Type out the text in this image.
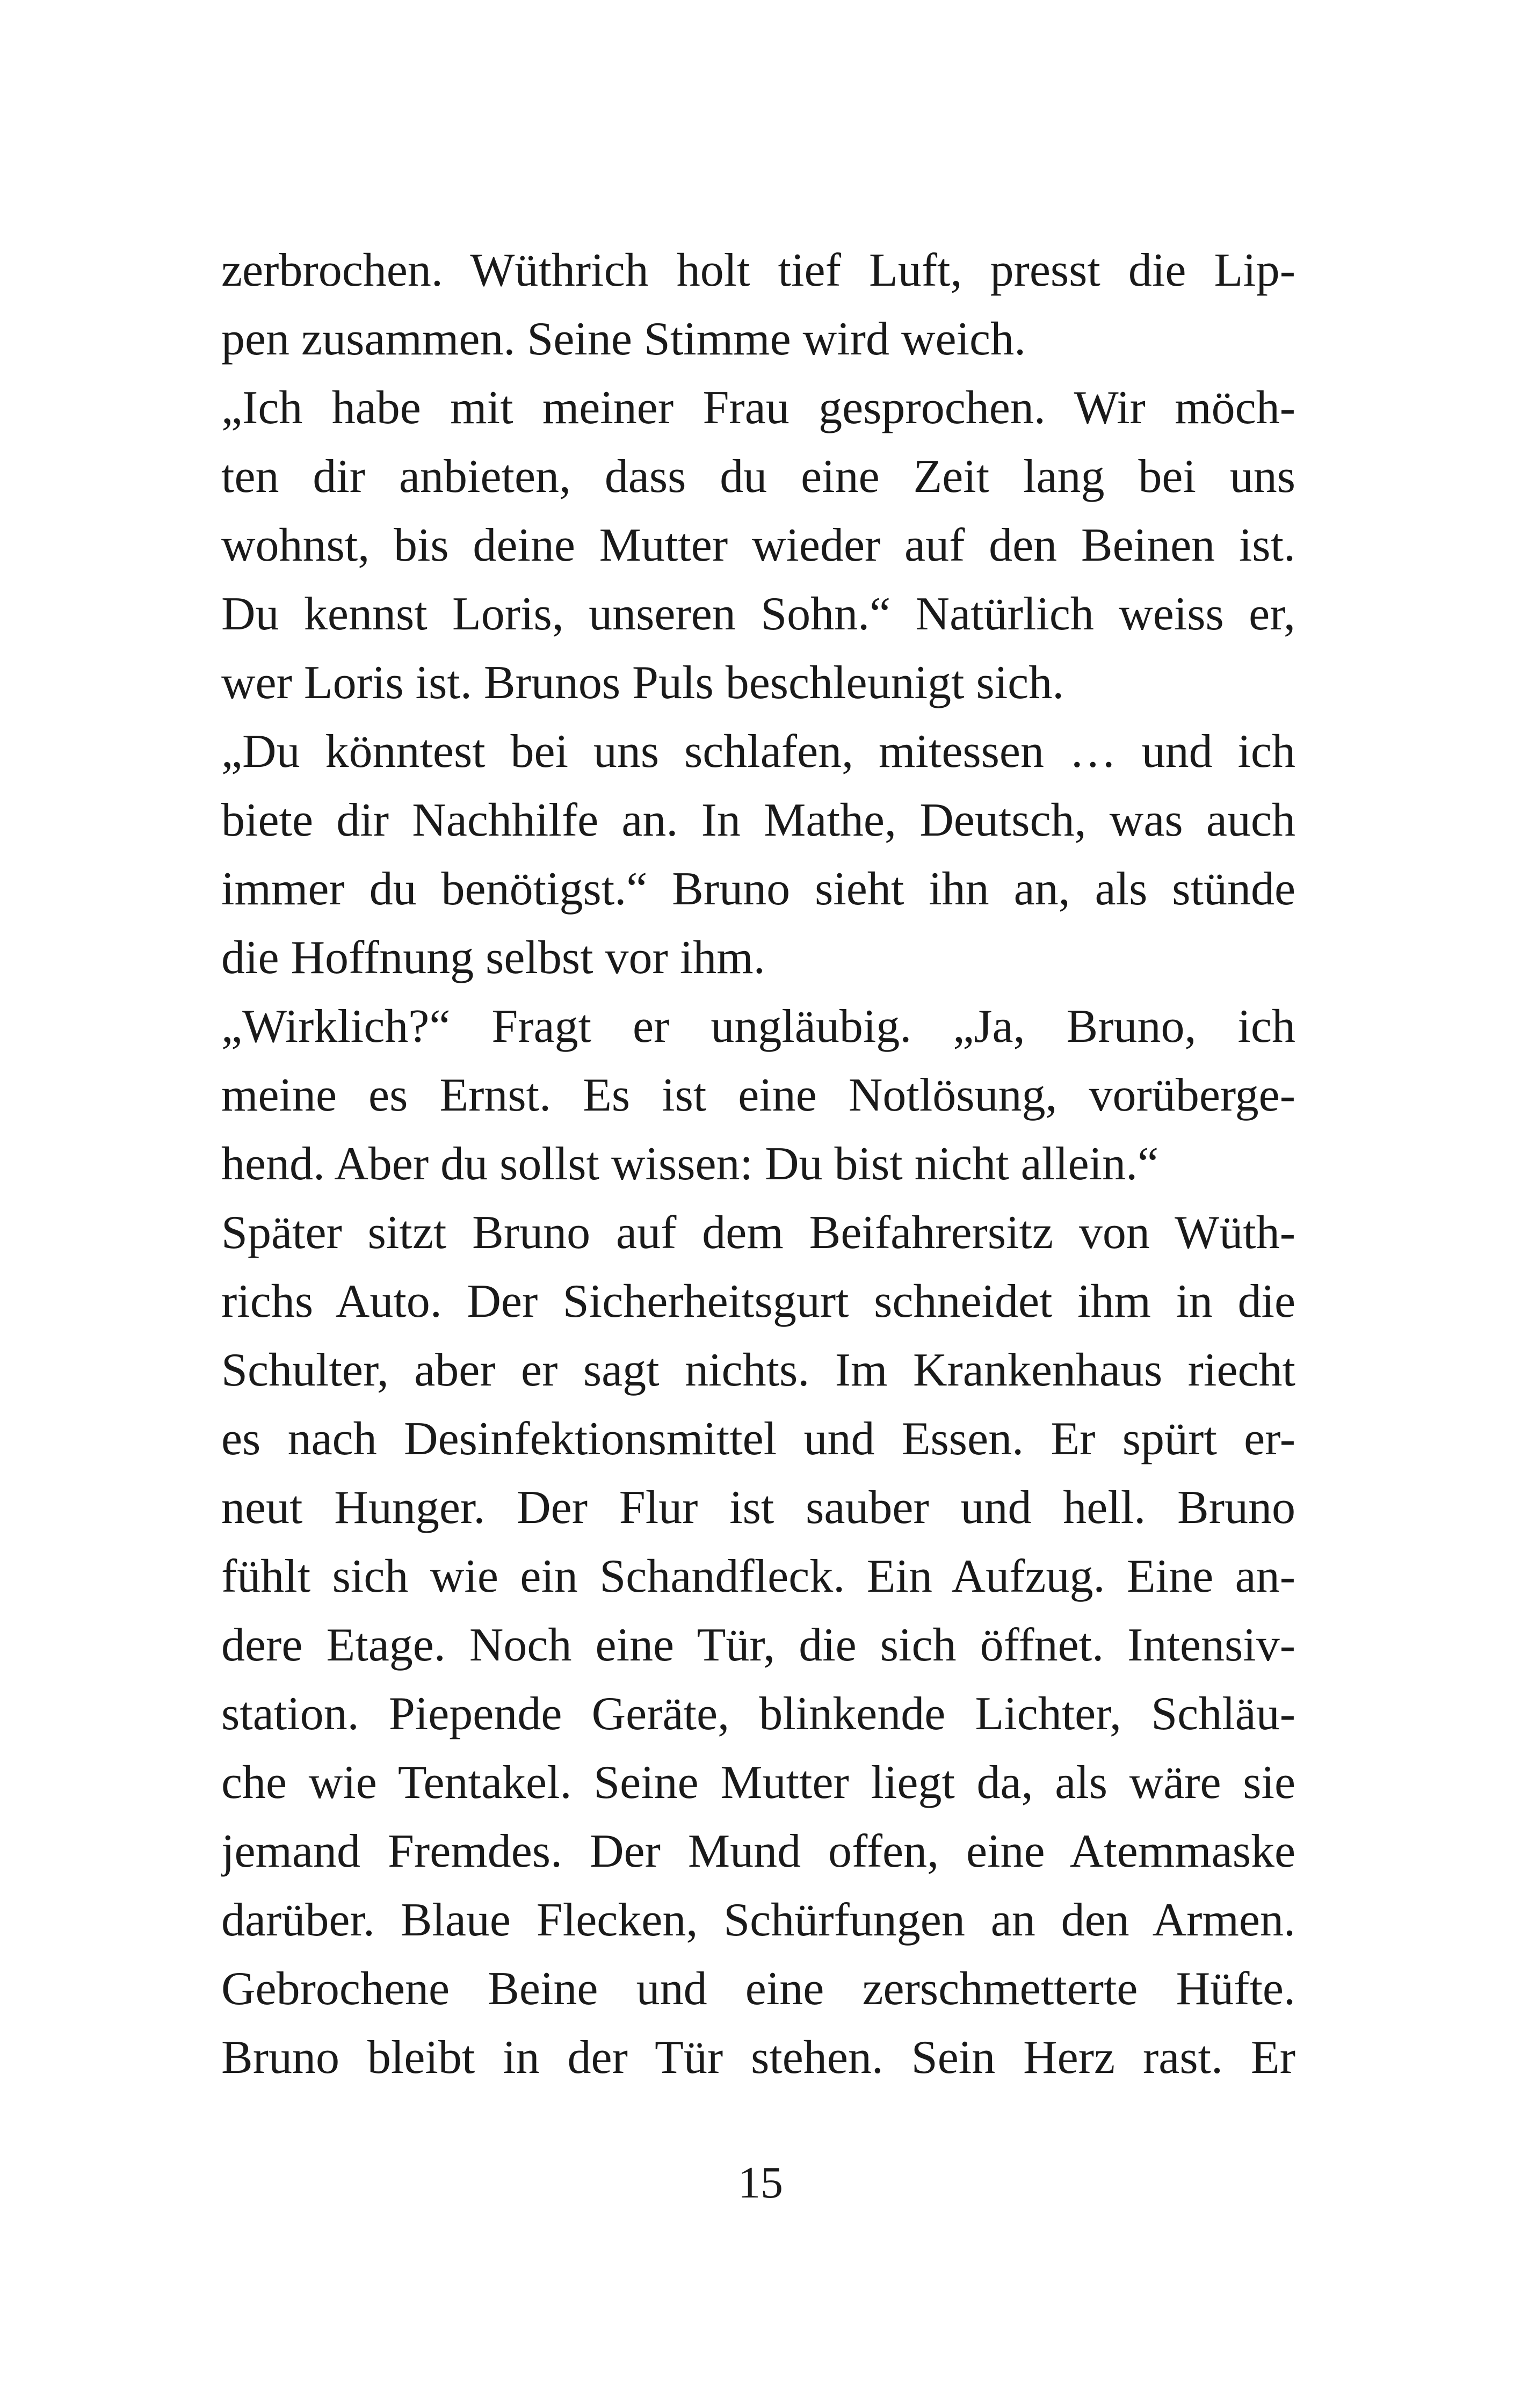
zerbrochen. Wüthrich holt tief Luft, presst die Lip-
pen zusammen. Seine Stimme wird weich.
„Ich habe mit meiner Frau gesprochen. Wir möch-
ten dir anbieten, dass du eine Zeit lang bei uns
wohnst, bis deine Mutter wieder auf den Beinen ist.
Du kennst Loris, unseren Sohn.“ Natürlich weiss er,
wer Loris ist. Brunos Puls beschleunigt sich.
„Du könntest bei uns schlafen, mitessen … und ich
biete dir Nachhilfe an. In Mathe, Deutsch, was auch
immer du benötigst.“ Bruno sieht ihn an, als stünde
die Hoffnung selbst vor ihm.
„Wirklich?“ Fragt er ungläubig. „Ja, Bruno, ich
meine es Ernst. Es ist eine Notlösung, vorüberge-
hend. Aber du sollst wissen: Du bist nicht allein.“
Später sitzt Bruno auf dem Beifahrersitz von Wüth-
richs Auto. Der Sicherheitsgurt schneidet ihm in die
Schulter, aber er sagt nichts. Im Krankenhaus riecht
es nach Desinfektionsmittel und Essen. Er spürt er-
neut Hunger. Der Flur ist sauber und hell. Bruno
fühlt sich wie ein Schandfleck. Ein Aufzug. Eine an-
dere Etage. Noch eine Tür, die sich öffnet. Intensiv-
station. Piepende Geräte, blinkende Lichter, Schläu-
che wie Tentakel. Seine Mutter liegt da, als wäre sie
jemand Fremdes. Der Mund offen, eine Atemmaske
darüber. Blaue Flecken, Schürfungen an den Armen.
Gebrochene Beine und eine zerschmetterte Hüfte.
Bruno bleibt in der Tür stehen. Sein Herz rast. Er
15
